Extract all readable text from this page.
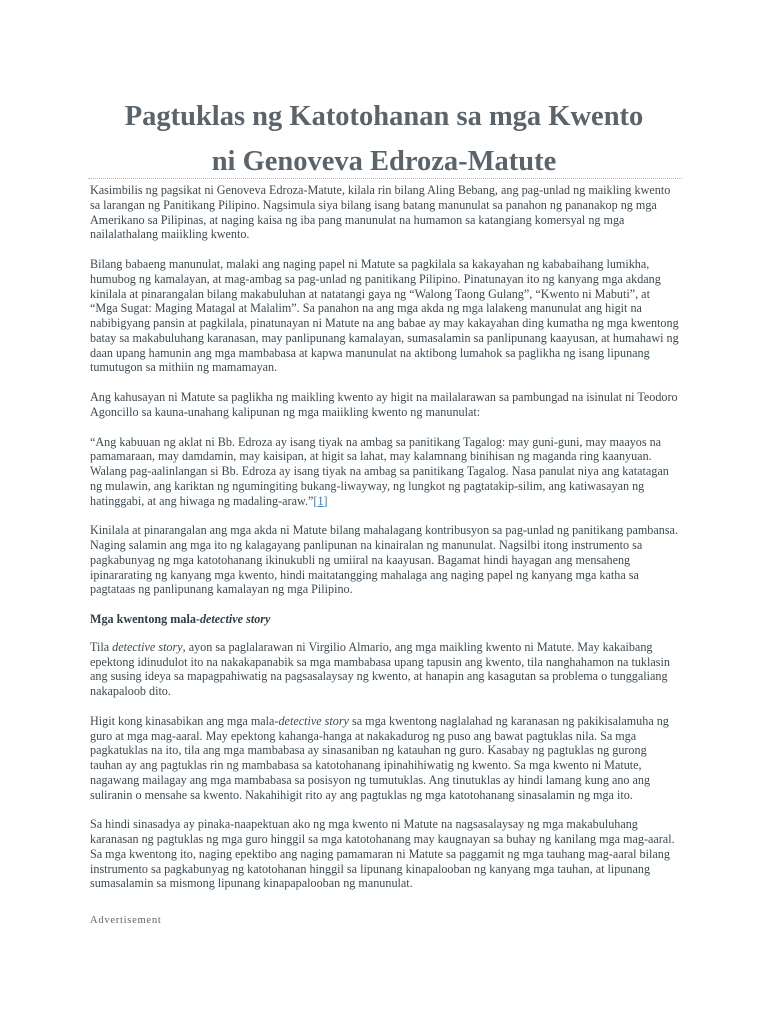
Pagtuklas ng Katotohanan sa mga Kwento
ni Genoveva Edroza-Matute

Kasimbilis ng pagsikat ni Genoveva Edroza-Matute, kilala rin bilang Aling Bebang, ang pag-unlad ng maikling kwento sa larangan ng Panitikang Pilipino. Nagsimula siya bilang isang batang manunulat sa panahon ng pananakop ng mga Amerikano sa Pilipinas, at naging kaisa ng iba pang manunulat na humamon sa katangiang komersyal ng mga nailalathalang maiikling kwento.

Bilang babaeng manunulat, malaki ang naging papel ni Matute sa pagkilala sa kakayahan ng kababaihang lumikha, humubog ng kamalayan, at mag-ambag sa pag-unlad ng panitikang Pilipino. Pinatunayan ito ng kanyang mga akdang kinilala at pinarangalan bilang makabuluhan at natatangi gaya ng “Walong Taong Gulang”, “Kwento ni Mabuti”, at “Mga Sugat: Maging Matagal at Malalim”. Sa panahon na ang mga akda ng mga lalakeng manunulat ang higit na nabibigyang pansin at pagkilala, pinatunayan ni Matute na ang babae ay may kakayahan ding kumatha ng mga kwentong batay sa makabuluhang karanasan, may panlipunang kamalayan, sumasalamin sa panlipunang kaayusan, at humahawi ng daan upang hamunin ang mga mambabasa at kapwa manunulat na aktibong lumahok sa paglikha ng isang lipunang tumutugon sa mithiin ng mamamayan.

Ang kahusayan ni Matute sa paglikha ng maikling kwento ay higit na mailalarawan sa pambungad na isinulat ni Teodoro Agoncillo sa kauna-unahang kalipunan ng mga maiikling kwento ng manunulat:

“Ang kabuuan ng aklat ni Bb. Edroza ay isang tiyak na ambag sa panitikang Tagalog: may guni-guni, may maayos na pamamaraan, may damdamin, may kaisipan, at higit sa lahat, may kalamnang binihisan ng maganda ring kaanyuan. Walang pag-aalinlangan si Bb. Edroza ay isang tiyak na ambag sa panitikang Tagalog. Nasa panulat niya ang katatagan ng mulawin, ang kariktan ng ngumingiting bukang-liwayway, ng lungkot ng pagtatakip-silim, ang katiwasayan ng hatinggabi, at ang hiwaga ng madaling-araw.”[1]

Kinilala at pinarangalan ang mga akda ni Matute bilang mahalagang kontribusyon sa pag-unlad ng panitikang pambansa. Naging salamin ang mga ito ng kalagayang panlipunan na kinairalan ng manunulat. Nagsilbi itong instrumento sa pagkabunyag ng mga katotohanang ikinukubli ng umiiral na kaayusan. Bagamat hindi hayagan ang mensaheng ipinararating ng kanyang mga kwento, hindi maitatangging mahalaga ang naging papel ng kanyang mga katha sa pagtataas ng panlipunang kamalayan ng mga Pilipino.

Mga kwentong mala-detective story

Tila detective story, ayon sa paglalarawan ni Virgilio Almario, ang mga maikling kwento ni Matute. May kakaibang epektong idinudulot ito na nakakapanabik sa mga mambabasa upang tapusin ang kwento, tila nanghahamon na tuklasin ang susing ideya sa mapagpahiwatig na pagsasalaysay ng kwento, at hanapin ang kasagutan sa problema o tunggaliang nakapaloob dito.

Higit kong kinasabikan ang mga mala-detective story sa mga kwentong naglalahad ng karanasan ng pakikisalamuha ng guro at mga mag-aaral. May epektong kahanga-hanga at nakakadurog ng puso ang bawat pagtuklas nila. Sa mga pagkatuklas na ito, tila ang mga mambabasa ay sinasaniban ng katauhan ng guro. Kasabay ng pagtuklas ng gurong tauhan ay ang pagtuklas rin ng mambabasa sa katotohanang ipinahihiwatig ng kwento. Sa mga kwento ni Matute, nagawang mailagay ang mga mambabasa sa posisyon ng tumutuklas. Ang tinutuklas ay hindi lamang kung ano ang suliranin o mensahe sa kwento. Nakahihigit rito ay ang pagtuklas ng mga katotohanang sinasalamin ng mga ito.

Sa hindi sinasadya ay pinaka-naapektuan ako ng mga kwento ni Matute na nagsasalaysay ng mga makabuluhang karanasan ng pagtuklas ng mga guro hinggil sa mga katotohanang may kaugnayan sa buhay ng kanilang mga mag-aaral. Sa mga kwentong ito, naging epektibo ang naging pamamaran ni Matute sa paggamit ng mga tauhang mag-aaral bilang instrumento sa pagkabunyag ng katotohanan hinggil sa lipunang kinapalooban ng kanyang mga tauhan, at lipunang sumasalamin sa mismong lipunang kinapapalooban ng manunulat.

Advertisement
